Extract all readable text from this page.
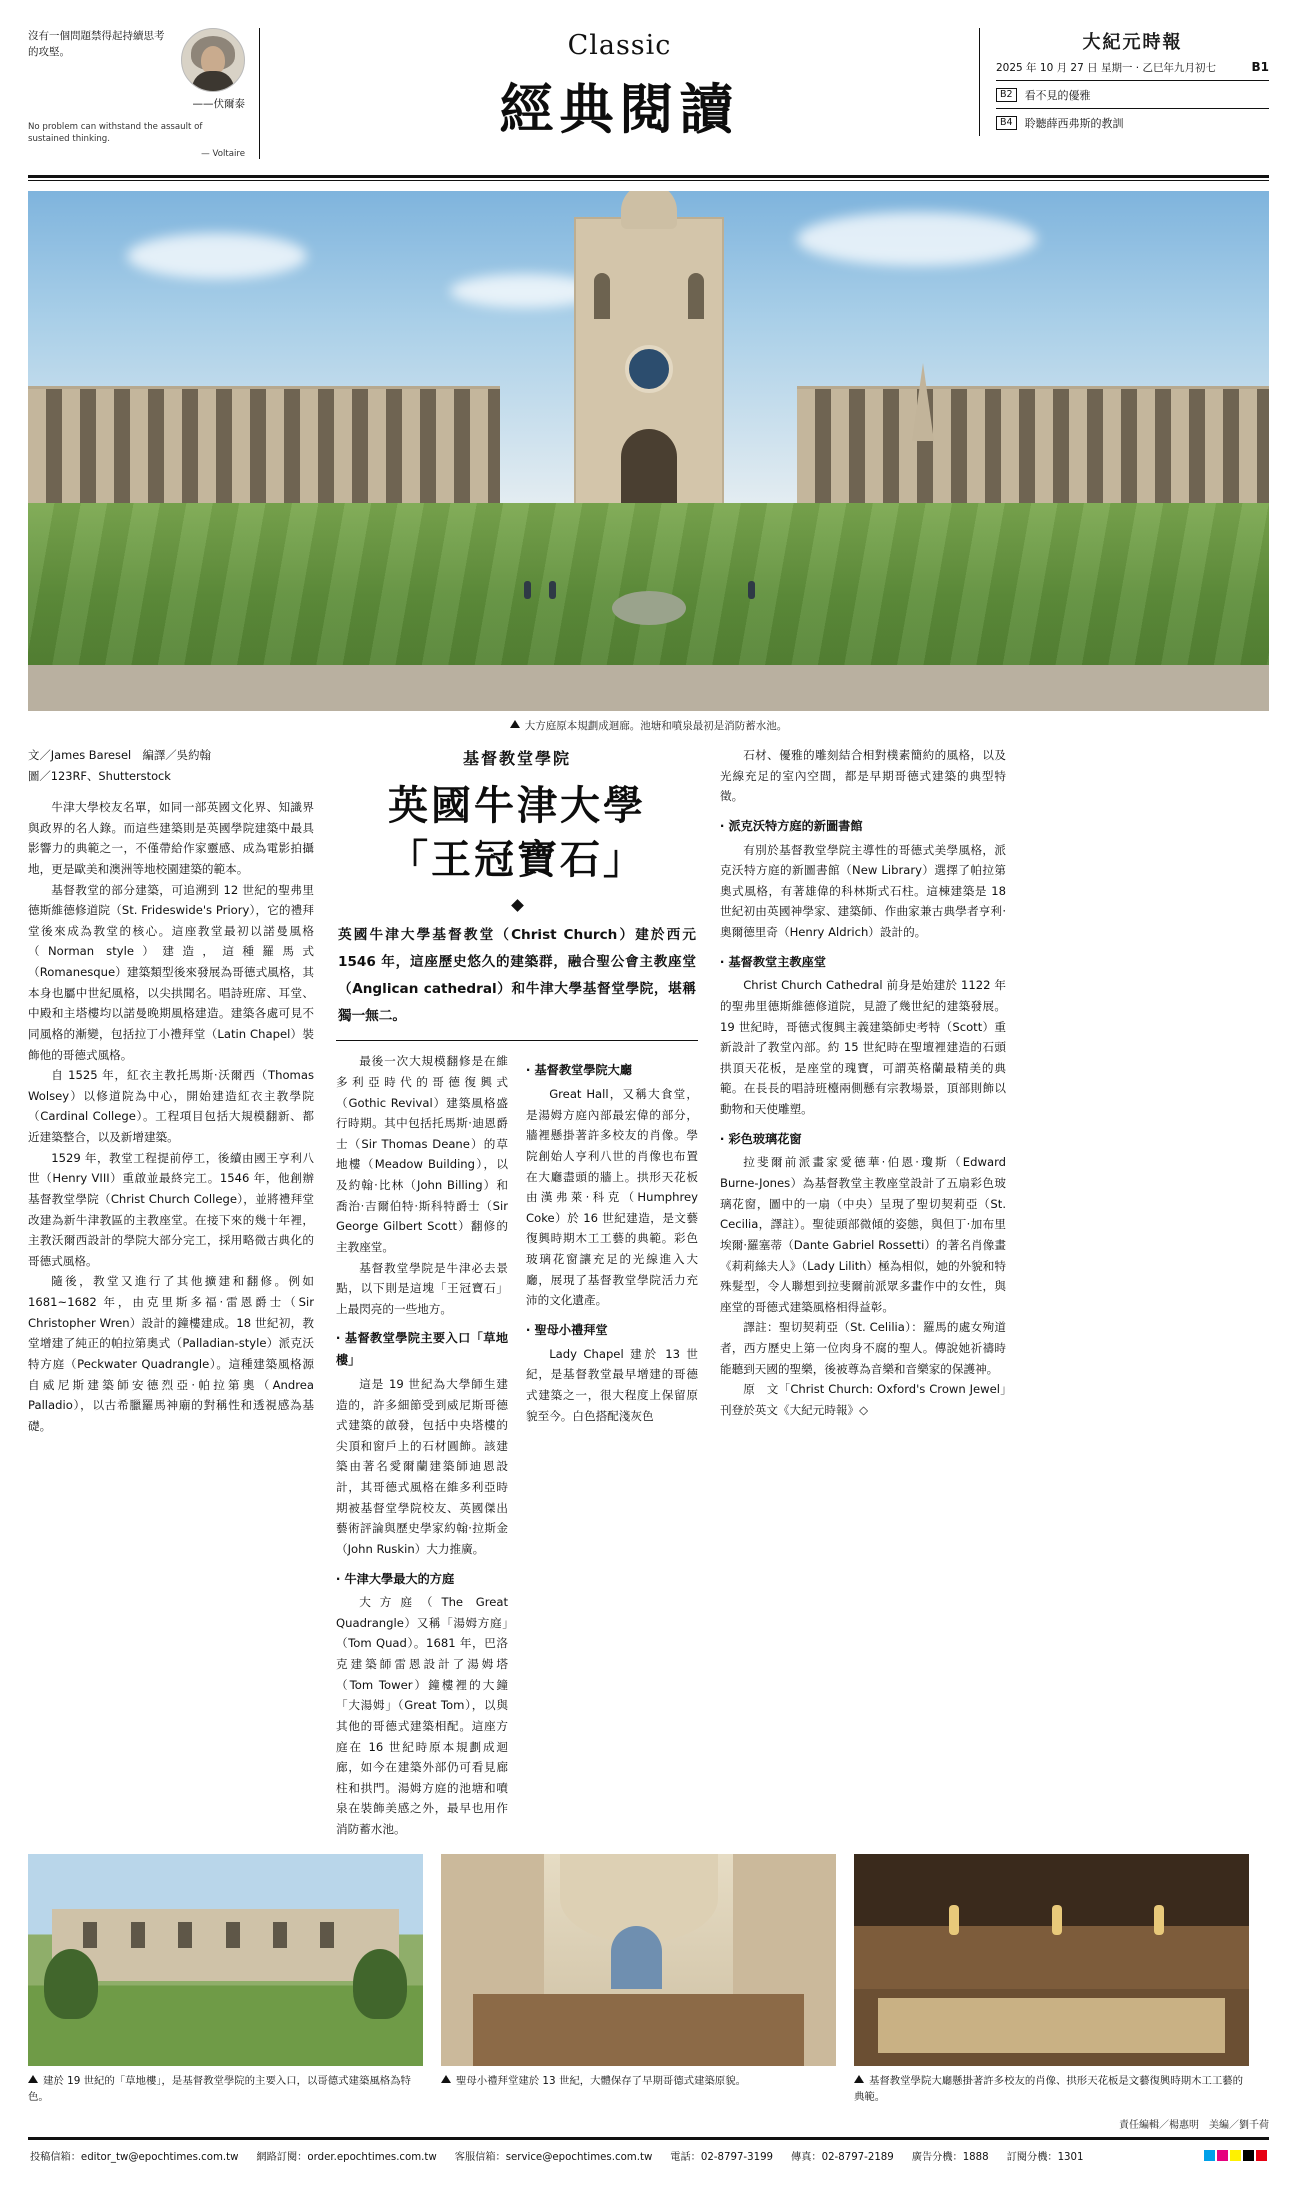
沒有一個問題禁得起持續思考的攻堅。
——伏爾泰
No problem can withstand the assault of sustained thinking.
— Voltaire
Classic
經典閱讀
大紀元時報
2025 年 10 月 27 日 星期一 · 乙巳年九月初七	B1
B2	看不見的優雅
B4	聆聽薛西弗斯的教訓
大方庭原本規劃成迴廊。池塘和噴泉最初是消防蓄水池。
文／James Baresel　編譯／吳約翰
圖／123RF、Shutterstock

牛津大學校友名單，如同一部英國文化界、知識界與政界的名人錄。而這些建築則是英國學院建築中最具影響力的典範之一，不僅帶給作家靈感、成為電影拍攝地，更是歐美和澳洲等地校園建築的範本。

基督教堂的部分建築，可追溯到 12 世紀的聖弗里德斯維德修道院（St. Frideswide's Priory），它的禮拜堂後來成為教堂的核心。這座教堂最初以諾曼風格（Norman style）建造，這種羅馬式（Romanesque）建築類型後來發展為哥德式風格，其本身也屬中世紀風格，以尖拱聞名。唱詩班席、耳堂、中殿和主塔樓均以諾曼晚期風格建造。建築各處可見不同風格的漸變，包括拉丁小禮拜堂（Latin Chapel）裝飾他的哥德式風格。

自 1525 年，紅衣主教托馬斯‧沃爾西（Thomas Wolsey）以修道院為中心，開始建造紅衣主教學院（Cardinal College）。工程項目包括大規模翻新、都近建築整合，以及新增建築。

1529 年，教堂工程提前停工，後續由國王亨利八世（Henry VIII）重啟並最終完工。1546 年，他創辦基督教堂學院（Christ Church College），並將禮拜堂改建為新牛津教區的主教座堂。在接下來的幾十年裡，主教沃爾西設計的學院大部分完工，採用略微古典化的哥德式風格。

隨後，教堂又進行了其他擴建和翻修。例如 1681~1682 年，由克里斯多福‧雷恩爵士（Sir Christopher Wren）設計的鐘樓建成。18 世紀初，教堂增建了純正的帕拉第奧式（Palladian-style）派克沃特方庭（Peckwater Quadrangle）。這種建築風格源自威尼斯建築師安德烈亞‧帕拉第奧（Andrea Palladio），以古希臘羅馬神廟的對稱性和透視感為基礎。

基督教堂學院
英國牛津大學
「王冠寶石」
英國牛津大學基督教堂（Christ Church）建於西元 1546 年，這座歷史悠久的建築群，融合聖公會主教座堂（Anglican cathedral）和牛津大學基督堂學院，堪稱獨一無二。

最後一次大規模翻修是在維多利亞時代的哥德復興式（Gothic Revival）建築風格盛行時期。其中包括托馬斯‧迪恩爵士（Sir Thomas Deane）的草地樓（Meadow Building），以及約翰‧比林（John Billing）和喬治‧吉爾伯特‧斯科特爵士（Sir George Gilbert Scott）翻修的主教座堂。

基督教堂學院是牛津必去景點，以下則是這塊「王冠寶石」上最閃亮的一些地方。

‧ 基督教堂學院主要入口「草地樓」

這是 19 世紀為大學師生建造的，許多細節受到威尼斯哥德式建築的啟發，包括中央塔樓的尖頂和窗戶上的石材圓飾。該建築由著名愛爾蘭建築師迪恩設計，其哥德式風格在維多利亞時期被基督堂學院校友、英國傑出藝術評論與歷史學家約翰‧拉斯金（John Ruskin）大力推廣。

‧ 牛津大學最大的方庭

大方庭（The Great Quadrangle）又稱「湯姆方庭」（Tom Quad）。1681 年，巴洛克建築師雷恩設計了湯姆塔（Tom Tower）鐘樓裡的大鐘「大湯姆」（Great Tom），以與其他的哥德式建築相配。這座方庭在 16 世紀時原本規劃成迴廊，如今在建築外部仍可看見廊柱和拱門。湯姆方庭的池塘和噴泉在裝飾美感之外，最早也用作消防蓄水池。

‧ 基督教堂學院大廳

Great Hall，又稱大食堂，是湯姆方庭內部最宏偉的部分，牆裡懸掛著許多校友的肖像。學院創始人亨利八世的肖像也布置在大廳盡頭的牆上。拱形天花板由漢弗萊‧科克（Humphrey Coke）於 16 世紀建造，是文藝復興時期木工工藝的典範。彩色玻璃花窗讓充足的光線進入大廳，展現了基督教堂學院活力充沛的文化遺產。

‧ 聖母小禮拜堂

Lady Chapel 建於 13 世紀，是基督教堂最早增建的哥德式建築之一，很大程度上保留原貌至今。白色搭配淺灰色

石材、優雅的雕刻結合相對樸素簡約的風格，以及光線充足的室內空間，都是早期哥德式建築的典型特徵。

‧ 派克沃特方庭的新圖書館

有別於基督教堂學院主導性的哥德式美學風格，派克沃特方庭的新圖書館（New Library）選擇了帕拉第奧式風格，有著雄偉的科林斯式石柱。這棟建築是 18 世紀初由英國神學家、建築師、作曲家兼古典學者亨利‧奧爾德里奇（Henry Aldrich）設計的。

‧ 基督教堂主教座堂

Christ Church Cathedral 前身是始建於 1122 年的聖弗里德斯維德修道院，見證了幾世紀的建築發展。19 世紀時，哥德式復興主義建築師史考特（Scott）重新設計了教堂內部。約 15 世紀時在聖壇裡建造的石頭拱頂天花板，是座堂的瑰寶，可謂英格蘭最精美的典範。在長長的唱詩班檯兩側懸有宗教場景，頂部則飾以動物和天使雕塑。

‧ 彩色玻璃花窗

拉斐爾前派畫家愛德華‧伯恩‧瓊斯（Edward Burne-Jones）為基督教堂主教座堂設計了五扇彩色玻璃花窗，圖中的一扇（中央）呈現了聖切契莉亞（St. Cecilia，譯註）。聖徒頭部微傾的姿態，與但丁‧加布里埃爾‧羅塞蒂（Dante Gabriel Rossetti）的著名肖像畫《莉莉絲夫人》（Lady Lilith）極為相似，她的外貌和特殊髮型，令人聯想到拉斐爾前派眾多畫作中的女性，與座堂的哥德式建築風格相得益彰。

譯註：聖切契莉亞（St. Celilia）：羅馬的處女殉道者，西方歷史上第一位肉身不腐的聖人。傳說她祈禱時能聽到天國的聖樂，後被尊為音樂和音樂家的保護神。

原　文「Christ Church: Oxford's Crown Jewel」刊登於英文《大紀元時報》◇

建於 19 世紀的「草地樓」，是基督教堂學院的主要入口，以哥德式建築風格為特色。
聖母小禮拜堂建於 13 世紀，大體保存了早期哥德式建築原貌。	基督教堂學院大廳懸掛著許多校友的肖像、拱形天花板是文藝復興時期木工工藝的典範。
責任編輯／楊惠明　美編／劉千荷
投稿信箱：editor_tw@epochtimes.com.tw 網路訂閱：order.epochtimes.com.tw 客服信箱：service@epochtimes.com.tw 電話：02-8797-3199 傳真：02-8797-2189 廣告分機：1888 訂閱分機：1301
